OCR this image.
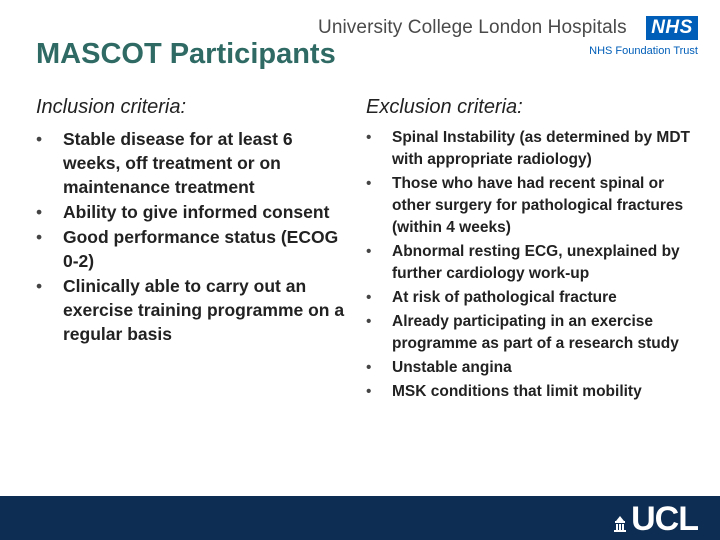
University College London Hospitals NHS
NHS Foundation Trust
MASCOT Participants
Inclusion criteria:
• Stable disease for at least 6 weeks, off treatment or on maintenance treatment
• Ability to give informed consent
• Good performance status (ECOG 0-2)
• Clinically able to carry out an exercise training programme on a regular basis
Exclusion criteria:
• Spinal Instability (as determined by MDT with appropriate radiology)
• Those who have had recent spinal or other surgery for pathological fractures (within 4 weeks)
• Abnormal resting ECG, unexplained by further cardiology work-up
• At risk of pathological fracture
• Already participating in an exercise programme as part of a research study
• Unstable angina
• MSK conditions that limit mobility
UCL
